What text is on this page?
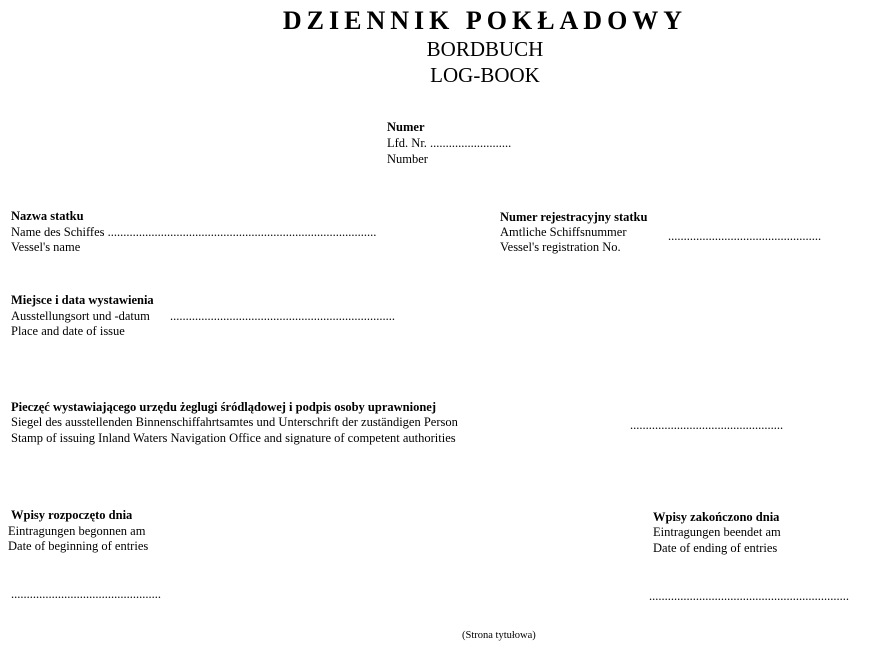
DZIENNIK POKŁADOWY
BORDBUCH
LOG-BOOK
Numer
Lfd. Nr. ..........................
Number
Nazwa statku
Name des Schiffes ......................................................................................
Vessel's name
Numer rejestracyjny statku
Amtliche Schiffsnummer
Vessel's registration No.
.................................................
Miejsce i data wystawienia
Ausstellungsort und -datum ........................................................................
Place and date of issue
Pieczęć wystawiającego urzędu żeglugi śródlądowej i podpis osoby uprawnionej
Siegel des ausstellenden Binnenschiffahrtsamtes und Unterschrift der zuständigen Person
Stamp of issuing Inland Waters Navigation Office and signature of competent authorities
.................................................
Wpisy rozpoczęto dnia
Eintragungen begonnen am
Date of beginning of entries
................................................
Wpisy zakończono dnia
Eintragungen beendet am
Date of ending of entries
................................................................
(Strona tytułowa)
